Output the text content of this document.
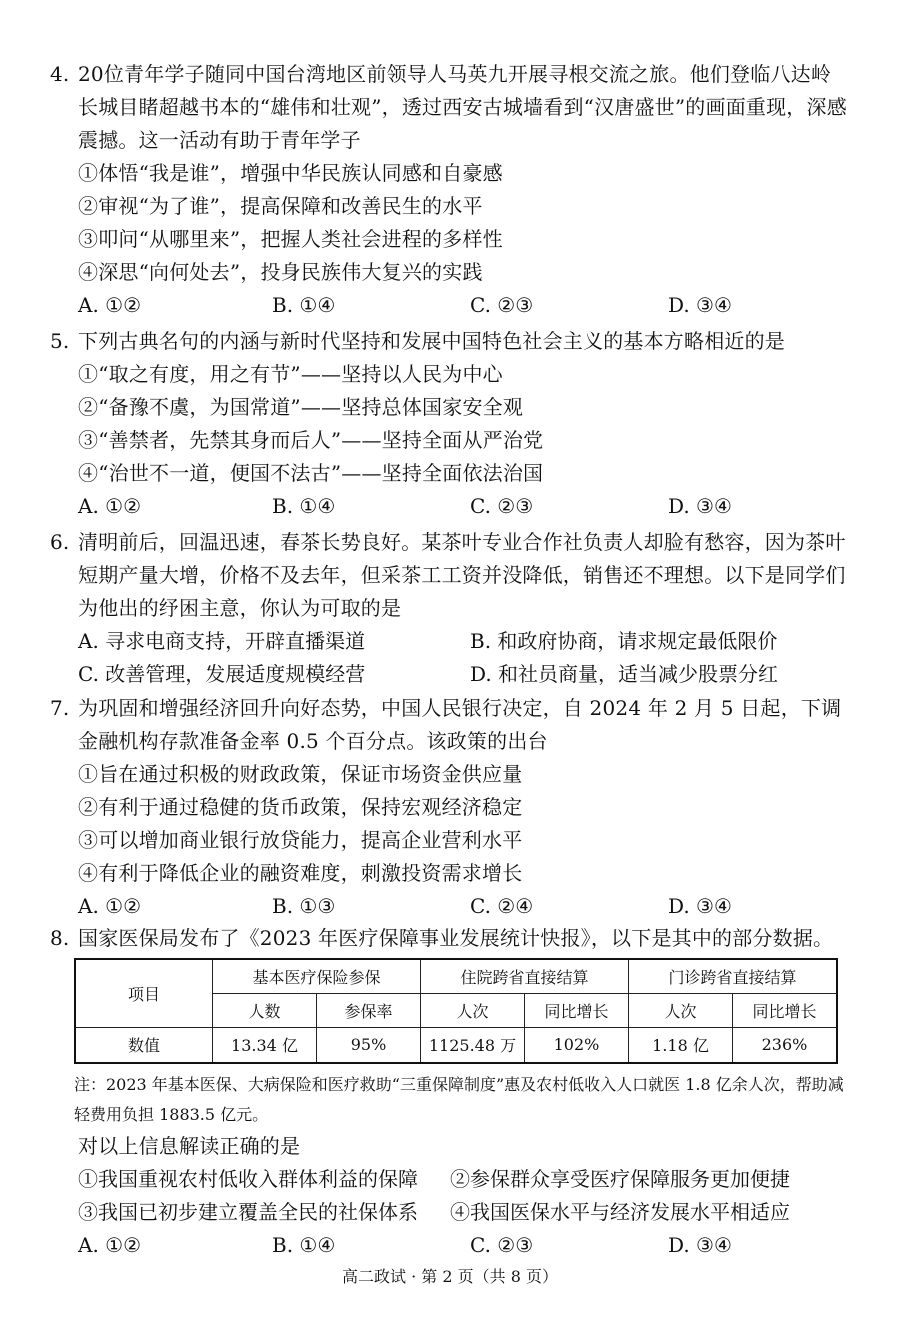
4. 20位青年学子随同中国台湾地区前领导人马英九开展寻根交流之旅。他们登临八达岭长城目睹超越书本的“雄伟和壮观”，透过西安古城墙看到“汉唐盛世”的画面重现，深感震撼。这一活动有助于青年学子
①体悟“我是谁”，增强中华民族认同感和自豪感
②审视“为了谁”，提高保障和改善民生的水平
③叩问“从哪里来”，把握人类社会进程的多样性
④深思“向何处去”，投身民族伟大复兴的实践
A. ①②	B. ①④	C. ②③	D. ③④
5. 下列古典名句的内涵与新时代坚持和发展中国特色社会主义的基本方略相近的是
①“取之有度，用之有节”——坚持以人民为中心
②“备豫不虞，为国常道”——坚持总体国家安全观
③“善禁者，先禁其身而后人”——坚持全面从严治党
④“治世不一道，便国不法古”——坚持全面依法治国
A. ①②	B. ①④	C. ②③	D. ③④
6. 清明前后，回温迅速，春茶长势良好。某茶叶专业合作社负责人却脸有愁容，因为茶叶短期产量大增，价格不及去年，但采茶工工资并没降低，销售还不理想。以下是同学们为他出的纾困主意，你认为可取的是
A. 寻求电商支持，开辟直播渠道	B. 和政府协商，请求规定最低限价
C. 改善管理，发展适度规模经营	D. 和社员商量，适当减少股票分红
7. 为巩固和增强经济回升向好态势，中国人民银行决定，自 2024 年 2 月 5 日起，下调金融机构存款准备金率 0.5 个百分点。该政策的出台
①旨在通过积极的财政政策，保证市场资金供应量
②有利于通过稳健的货币政策，保持宏观经济稳定
③可以增加商业银行放贷能力，提高企业营利水平
④有利于降低企业的融资难度，刺激投资需求增长
A. ①②	B. ①③	C. ②④	D. ③④
8. 国家医保局发布了《2023 年医疗保障事业发展统计快报》，以下是其中的部分数据。
项目	基本医疗保险参保		住院跨省直接结算		门诊跨省直接结算	
	人数	参保率	人次	同比增长	人次	同比增长
数值	13.34 亿	95%	1125.48 万	102%	1.18 亿	236%
注：2023 年基本医保、大病保险和医疗救助“三重保障制度”惠及农村低收入人口就医 1.8 亿余人次，帮助减轻费用负担 1883.5 亿元。
对以上信息解读正确的是
①我国重视农村低收入群体利益的保障 ②参保群众享受医疗保障服务更加便捷
③我国已初步建立覆盖全民的社保体系 ④我国医保水平与经济发展水平相适应
A. ①②	B. ①④	C. ②③	D. ③④
高二政试 · 第 2 页（共 8 页）
